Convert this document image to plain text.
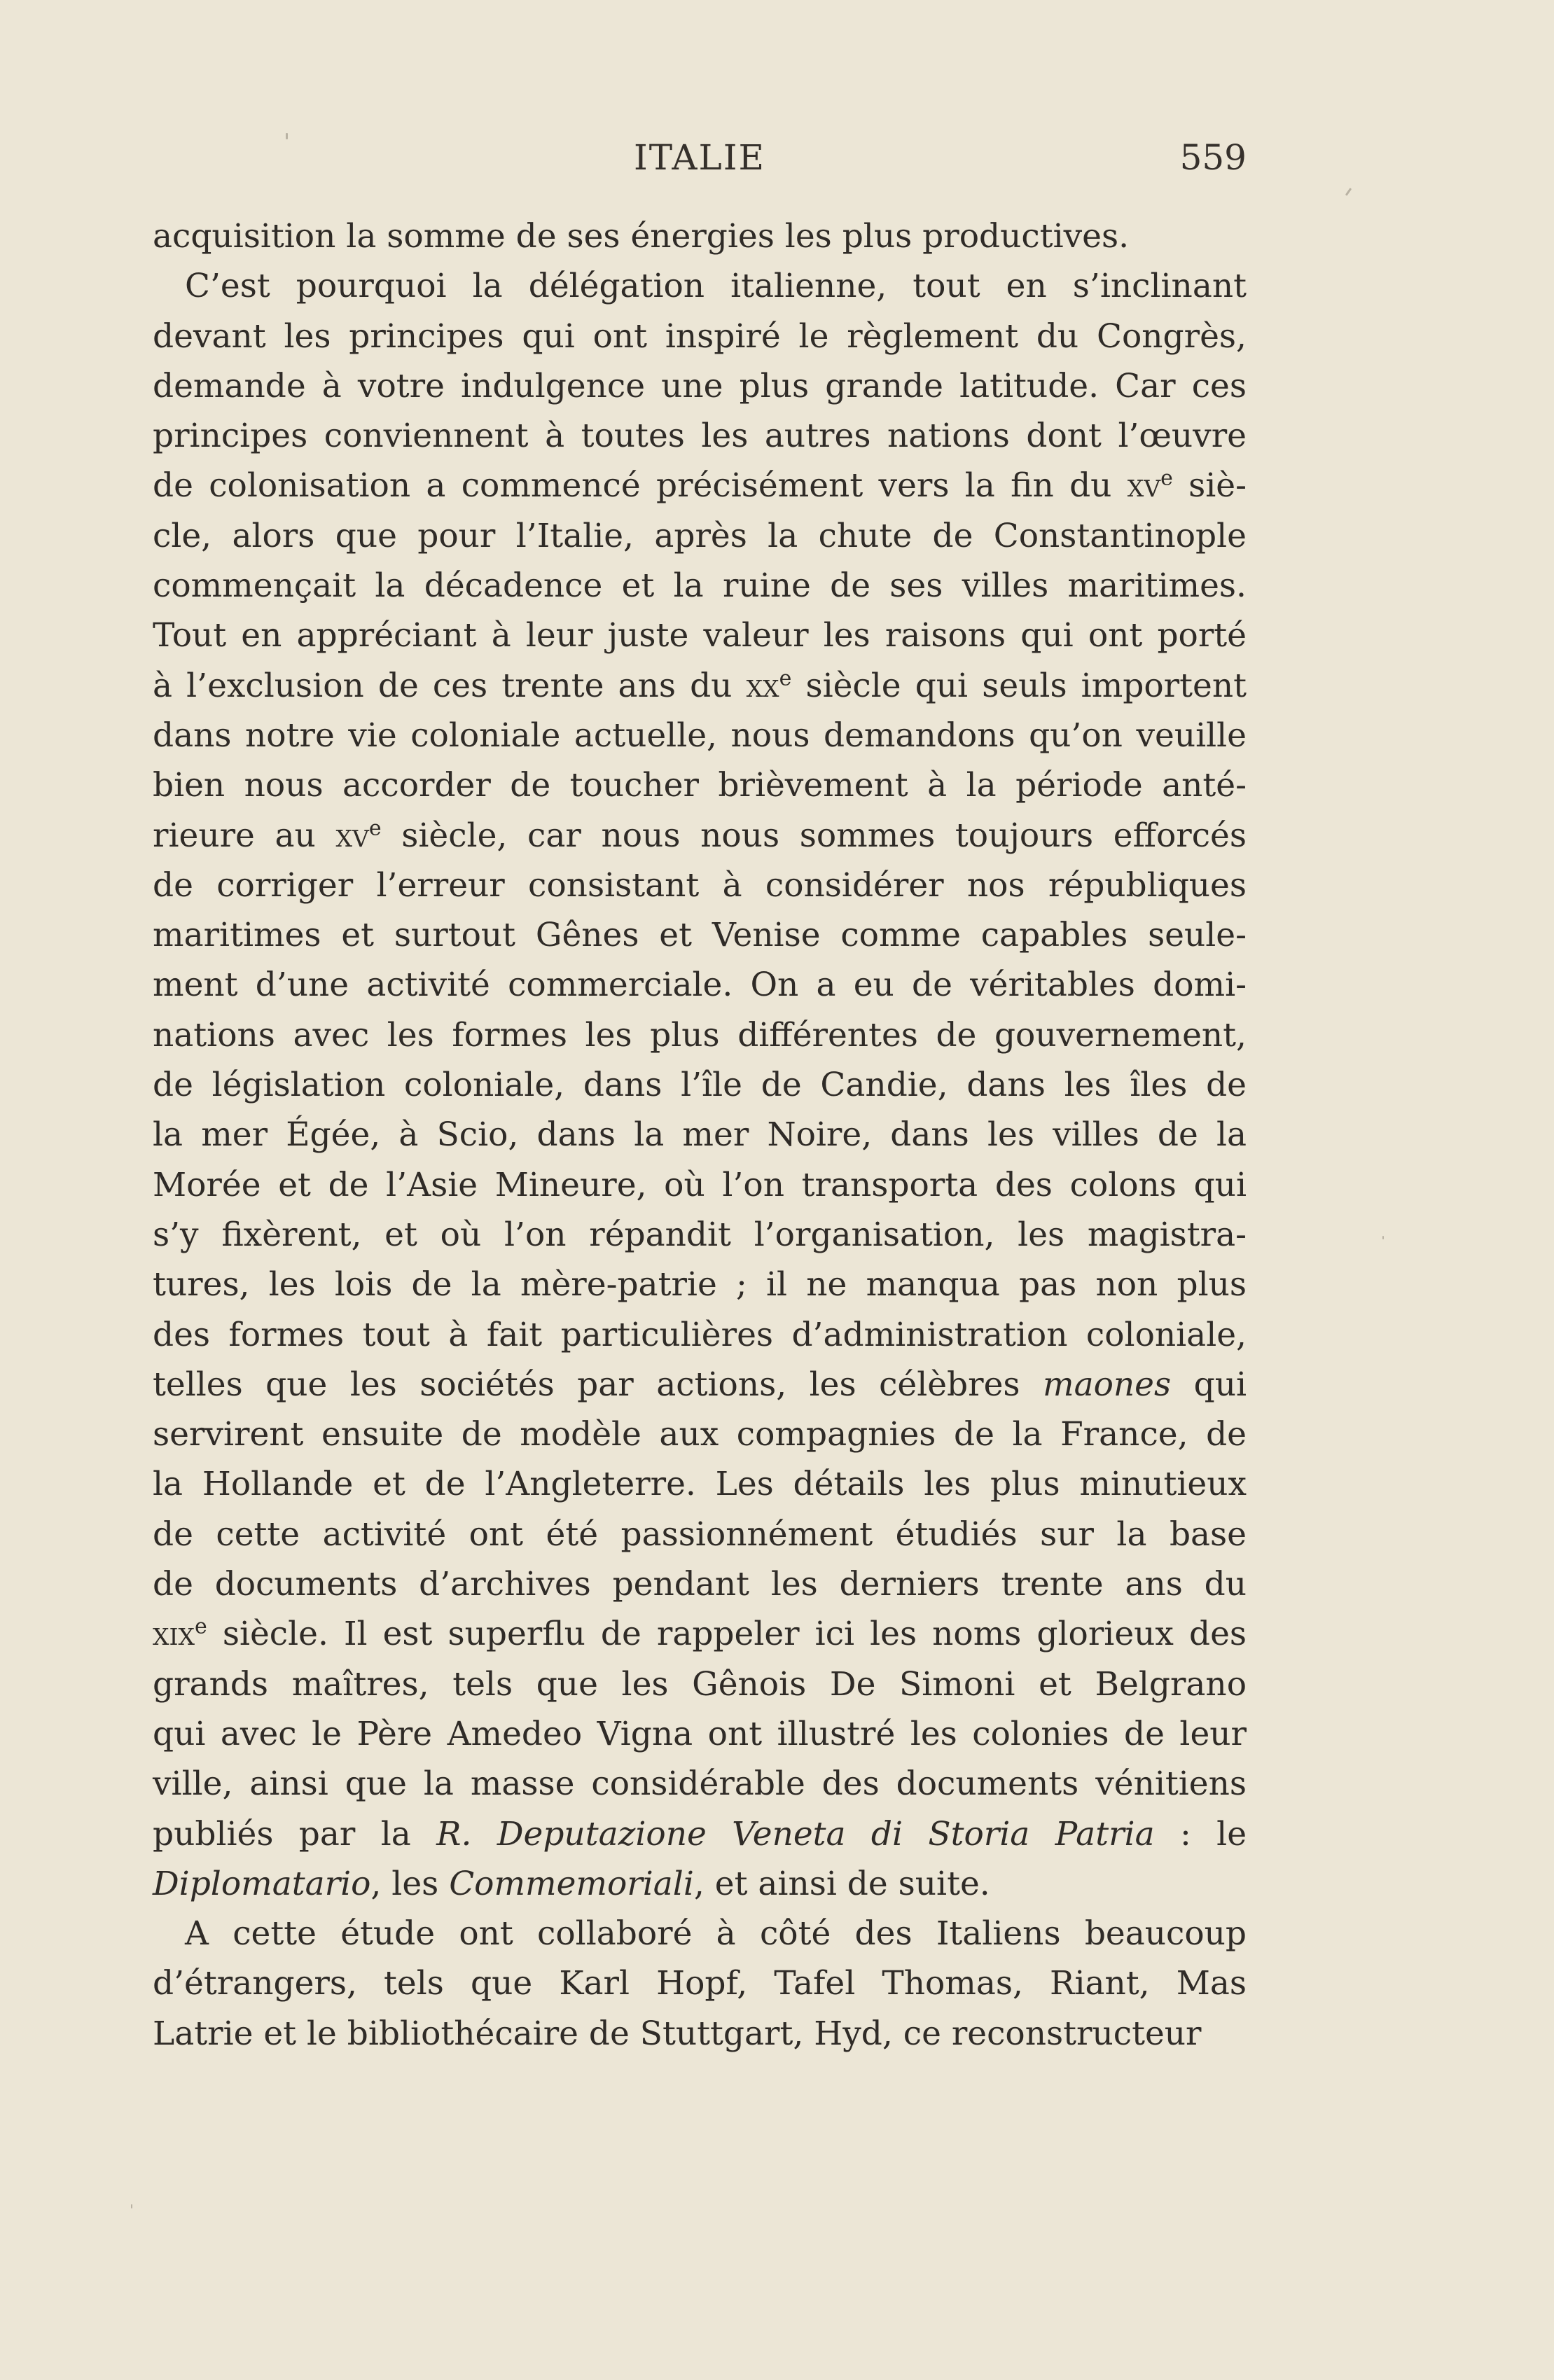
ITALIE	559
acquisition la somme de ses énergies les plus productives.
C’est pourquoi la délégation italienne, tout en s’inclinant
devant les principes qui ont inspiré le règlement du Congrès,
demande à votre indulgence une plus grande latitude. Car ces
principes conviennent à toutes les autres nations dont l’œuvre
de colonisation a commencé précisément vers la fin du $xv^e$ siè-
cle, alors que pour l’Italie, après la chute de Constantinople
commençait la décadence et la ruine de ses villes maritimes.
Tout en appréciant à leur juste valeur les raisons qui ont porté
à l’exclusion de ces trente ans du $xx^e$ siècle qui seuls importent
dans notre vie coloniale actuelle, nous demandons qu’on veuille
bien nous accorder de toucher brièvement à la période anté-
rieure au $xv^e$ siècle, car nous nous sommes toujours efforcés
de corriger l’erreur consistant à considérer nos républiques
maritimes et surtout Gênes et Venise comme capables seule-
ment d’une activité commerciale. On a eu de véritables domi-
nations avec les formes les plus différentes de gouvernement,
de législation coloniale, dans l’île de Candie, dans les îles de
la mer Égée, à Scio, dans la mer Noire, dans les villes de la
Morée et de l’Asie Mineure, où l’on transporta des colons qui
s’y fixèrent, et où l’on répandit l’organisation, les magistra-
tures, les lois de la mère-patrie ; il ne manqua pas non plus
des formes tout à fait particulières d’administration coloniale,
telles que les sociétés par actions, les célèbres maones qui
servirent ensuite de modèle aux compagnies de la France, de
la Hollande et de l’Angleterre. Les détails les plus minutieux
de cette activité ont été passionnément étudiés sur la base
de documents d’archives pendant les derniers trente ans du
xix$^e$ siècle. Il est superflu de rappeler ici les noms glorieux des
grands maîtres, tels que les Gênois De Simoni et Belgrano
qui avec le Père Amedeo Vigna ont illustré les colonies de leur
ville, ainsi que la masse considérable des documents vénitiens
publiés par la R. Deputazione Veneta di Storia Patria : le
Diplomatario, les Commemoriali, et ainsi de suite.
A cette étude ont collaboré à côté des Italiens beaucoup
d’étrangers, tels que Karl Hopf, Tafel Thomas, Riant, Mas
Latrie et le bibliothécaire de Stuttgart, Hyd, ce reconstructeur
